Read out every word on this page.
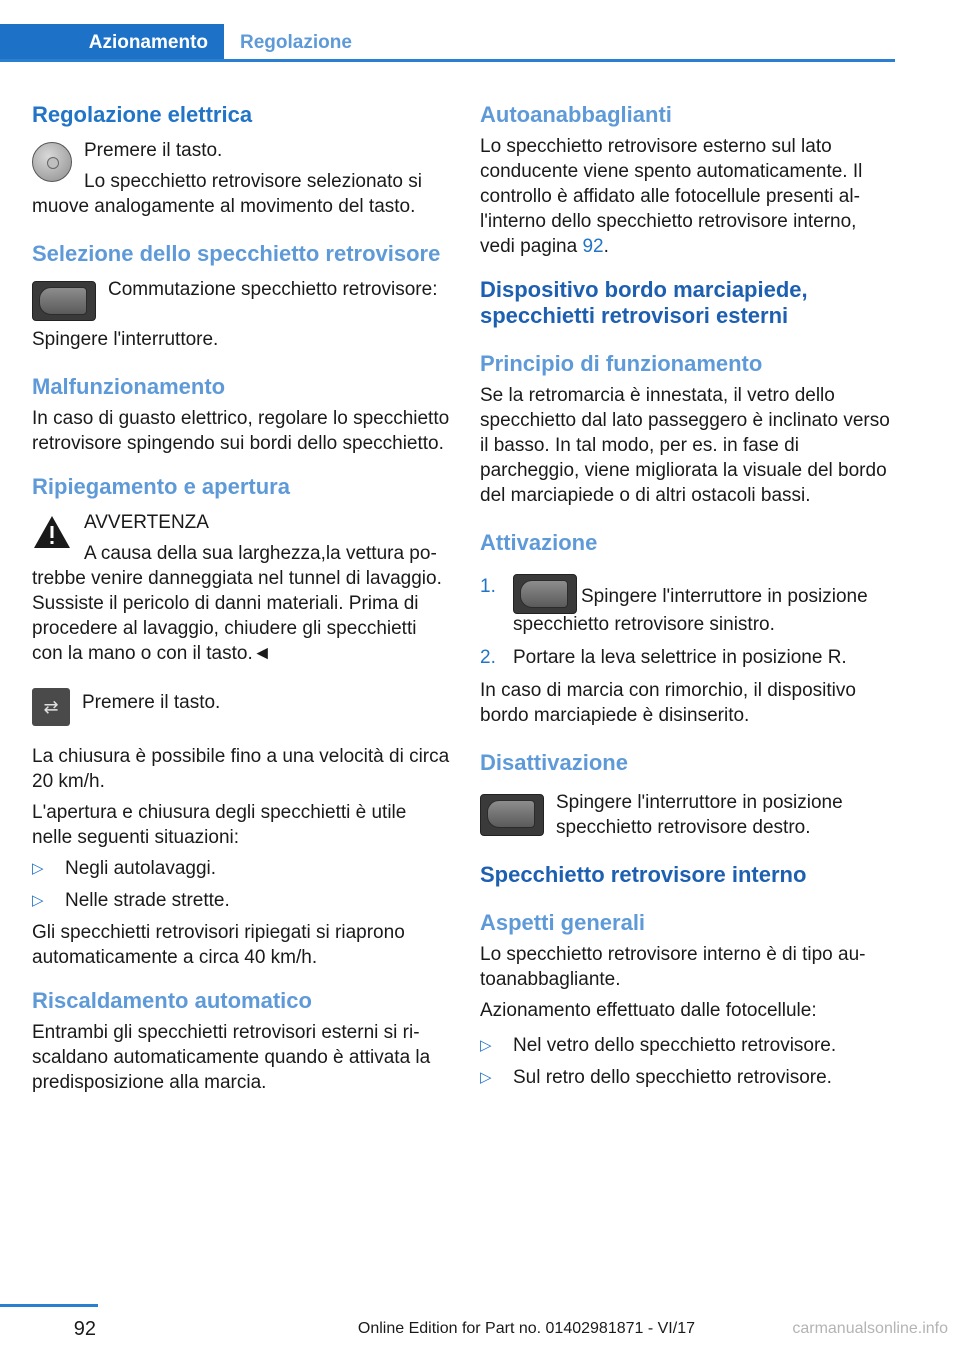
Azionamento	Regolazione
Regolazione elettrica

Premere il tasto.

Lo specchietto retrovisore selezionato si muove analogamente al movimento del tasto.

Selezione dello specchietto retrovisore

Commutazione specchietto retrovisore:

Spingere l'interruttore.

Malfunzionamento

In caso di guasto elettrico, regolare lo specchietto retrovisore spingendo sui bordi dello specchietto.

Ripiegamento e apertura

AVVERTENZA

A causa della sua larghezza,la vettura potrebbe venire danneggiata nel tunnel di lavaggio. Sussiste il pericolo di danni materiali. Prima di procedere al lavaggio, chiudere gli specchietti con la mano o con il tasto.◄

⇄	Premere il tasto.

La chiusura è possibile fino a una velocità di circa 20 km/h.

L'apertura e chiusura degli specchietti è utile nelle seguenti situazioni:

▷ Negli autolavaggi.
▷ Nelle strade strette.

Gli specchietti retrovisori ripiegati si riaprono automaticamente a circa 40 km/h.

Riscaldamento automatico

Entrambi gli specchietti retrovisori esterni si riscaldano automaticamente quando è attivata la predisposizione alla marcia.

Autoanabbaglianti

Lo specchietto retrovisore esterno sul lato conducente viene spento automaticamente. Il controllo è affidato alle fotocellule presenti all'interno dello specchietto retrovisore interno, vedi pagina 92.

Dispositivo bordo marciapiede, specchietti retrovisori esterni
Principio di funzionamento

Se la retromarcia è innestata, il vetro dello specchietto dal lato passeggero è inclinato verso il basso. In tal modo, per es. in fase di parcheggio, viene migliorata la visuale del bordo del marciapiede o di altri ostacoli bassi.

Attivazione
1.	Spingere l'interruttore in posizione specchietto retrovisore sinistro.
2. Portare la leva selettrice in posizione R.

In caso di marcia con rimorchio, il dispositivo bordo marciapiede è disinserito.

Disattivazione

Spingere l'interruttore in posizione specchietto retrovisore destro.

Specchietto retrovisore interno
Aspetti generali

Lo specchietto retrovisore interno è di tipo autoanabbagliante.

Azionamento effettuato dalle fotocellule:

▷ Nel vetro dello specchietto retrovisore.
▷ Sul retro dello specchietto retrovisore.
92	Online Edition for Part no. 01402981871 - VI/17	carmanualsonline.info
